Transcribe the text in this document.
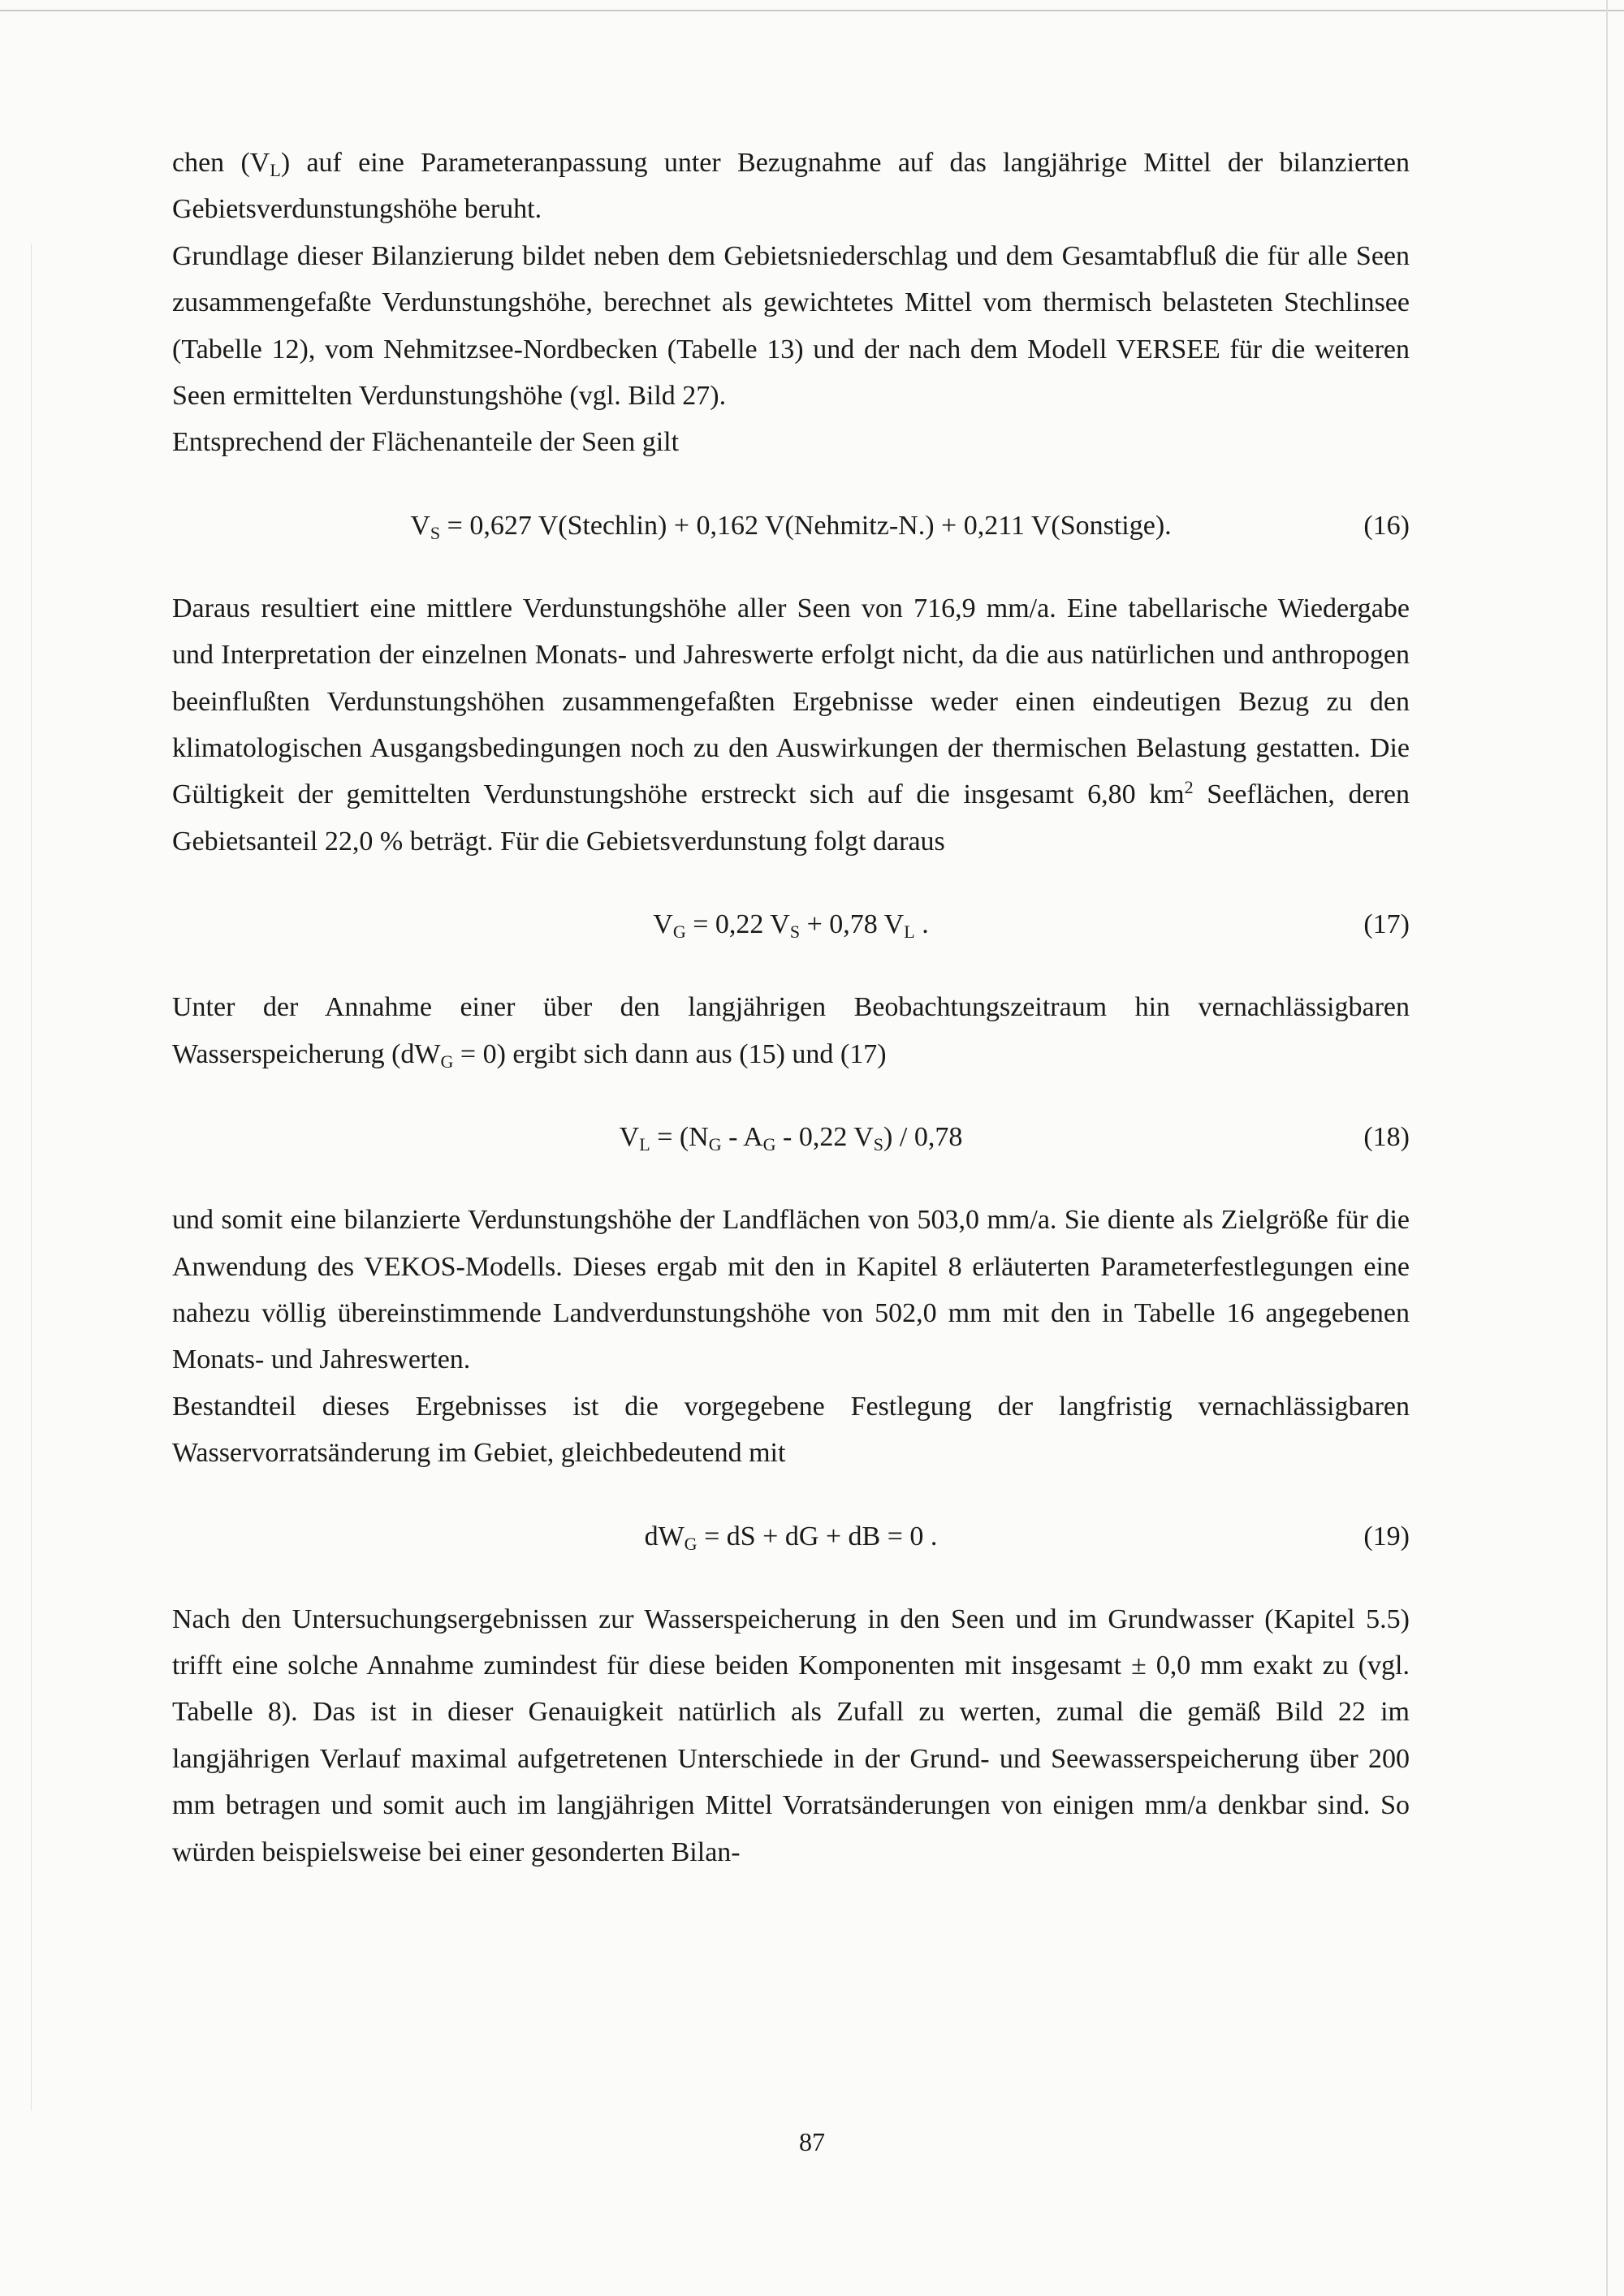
chen $(V_L)$ auf eine Parameteranpassung unter Bezugnahme auf das langjährige Mittel der bilanzierten Gebietsverdunstungshöhe beruht.

Grundlage dieser Bilanzierung bildet neben dem Gebietsniederschlag und dem Gesamtabfluß die für alle Seen zusammengefaßte Verdunstungshöhe, berechnet als gewichtetes Mittel vom thermisch belasteten Stechlinsee (Tabelle 12), vom Nehmitzsee-Nordbecken (Tabelle 13) und der nach dem Modell VERSEE für die weiteren Seen ermittelten Verdunstungshöhe (vgl. Bild 27).

Entsprechend der Flächenanteile der Seen gilt

$V_S = 0,627$ V(Stechlin) + 0,162 V(Nehmitz-N.) + 0,211 V(Sonstige).	(16)

Daraus resultiert eine mittlere Verdunstungshöhe aller Seen von 716,9 mm/a. Eine tabellarische Wiedergabe und Interpretation der einzelnen Monats- und Jahreswerte erfolgt nicht, da die aus natürlichen und anthropogen beeinflußten Verdunstungshöhen zusammengefaßten Ergebnisse weder einen eindeutigen Bezug zu den klimatologischen Ausgangsbedingungen noch zu den Auswirkungen der thermischen Belastung gestatten. Die Gültigkeit der gemittelten Verdunstungshöhe erstreckt sich auf die insgesamt 6,80 $km^2$ Seeflächen, deren Gebietsanteil 22,0 % beträgt. Für die Gebietsverdunstung folgt daraus

$V_G = 0,22$ $V_S + 0,78$ $V_L$ .	(17)

Unter der Annahme einer über den langjährigen Beobachtungszeitraum hin vernachlässigbaren Wasserspeicherung $(dW_G = 0)$ ergibt sich dann aus (15) und (17)

$V_L = (N_G - A_G - 0,22$ $V_S) / 0,78$	(18)

und somit eine bilanzierte Verdunstungshöhe der Landflächen von 503,0 mm/a. Sie diente als Zielgröße für die Anwendung des VEKOS-Modells. Dieses ergab mit den in Kapitel 8 erläuterten Parameterfestlegungen eine nahezu völlig übereinstimmende Landverdunstungshöhe von 502,0 mm mit den in Tabelle 16 angegebenen Monats- und Jahreswerten.

Bestandteil dieses Ergebnisses ist die vorgegebene Festlegung der langfristig vernachlässigbaren Wasservorratsänderung im Gebiet, gleichbedeutend mit

$dW_G$ = dS + dG + dB = 0 .	(19)

Nach den Untersuchungsergebnissen zur Wasserspeicherung in den Seen und im Grundwasser (Kapitel 5.5) trifft eine solche Annahme zumindest für diese beiden Komponenten mit insgesamt ± 0,0 mm exakt zu (vgl. Tabelle 8). Das ist in dieser Genauigkeit natürlich als Zufall zu werten, zumal die gemäß Bild 22 im langjährigen Verlauf maximal aufgetretenen Unterschiede in der Grund- und Seewasserspeicherung über 200 mm betragen und somit auch im langjährigen Mittel Vorratsänderungen von einigen mm/a denkbar sind. So würden beispielsweise bei einer gesonderten Bilan-

87
